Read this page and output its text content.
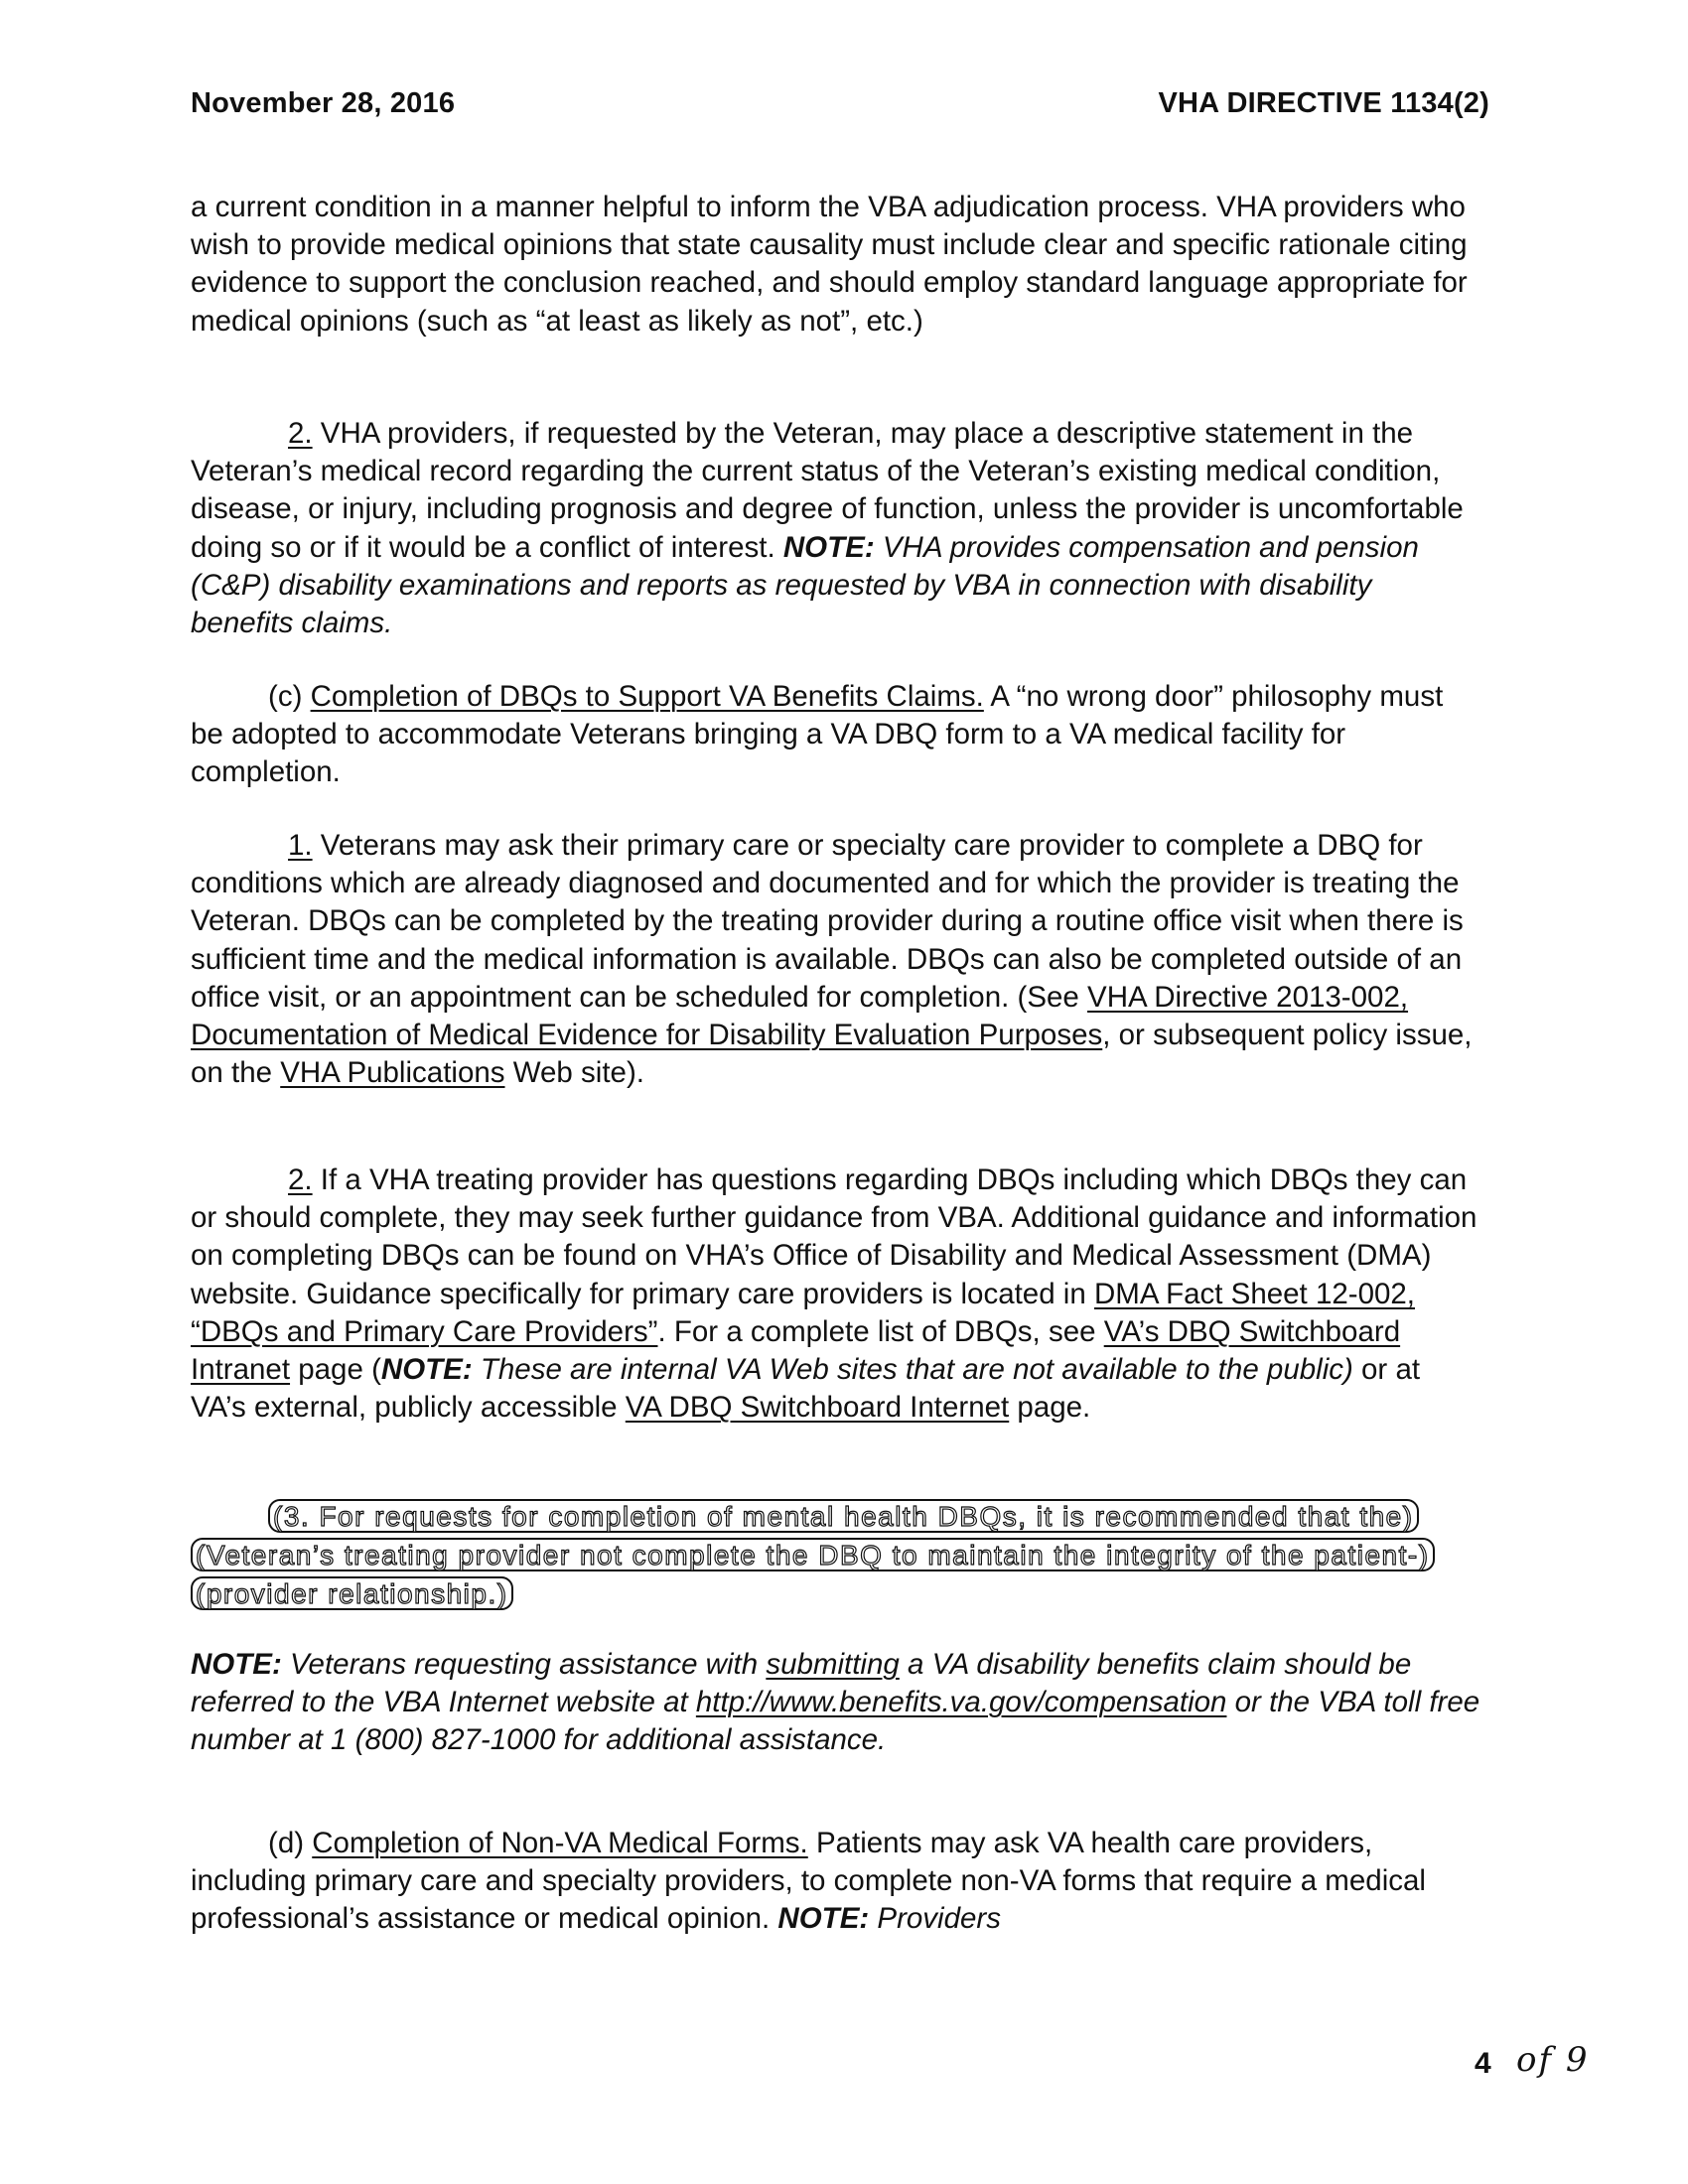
November 28, 2016	VHA DIRECTIVE 1134(2)

a current condition in a manner helpful to inform the VBA adjudication process. VHA providers who wish to provide medical opinions that state causality must include clear and specific rationale citing evidence to support the conclusion reached, and should employ standard language appropriate for medical opinions (such as “at least as likely as not”, etc.)

2. VHA providers, if requested by the Veteran, may place a descriptive statement in the Veteran’s medical record regarding the current status of the Veteran’s existing medical condition, disease, or injury, including prognosis and degree of function, unless the provider is uncomfortable doing so or if it would be a conflict of interest. NOTE: VHA provides compensation and pension (C&P) disability examinations and reports as requested by VBA in connection with disability benefits claims.

(c) Completion of DBQs to Support VA Benefits Claims. A “no wrong door” philosophy must be adopted to accommodate Veterans bringing a VA DBQ form to a VA medical facility for completion.

1. Veterans may ask their primary care or specialty care provider to complete a DBQ for conditions which are already diagnosed and documented and for which the provider is treating the Veteran. DBQs can be completed by the treating provider during a routine office visit when there is sufficient time and the medical information is available. DBQs can also be completed outside of an office visit, or an appointment can be scheduled for completion. (See VHA Directive 2013-002, Documentation of Medical Evidence for Disability Evaluation Purposes, or subsequent policy issue, on the VHA Publications Web site).

2. If a VHA treating provider has questions regarding DBQs including which DBQs they can or should complete, they may seek further guidance from VBA. Additional guidance and information on completing DBQs can be found on VHA’s Office of Disability and Medical Assessment (DMA) website. Guidance specifically for primary care providers is located in DMA Fact Sheet 12-002, “DBQs and Primary Care Providers”. For a complete list of DBQs, see VA’s DBQ Switchboard Intranet page (NOTE: These are internal VA Web sites that are not available to the public) or at VA’s external, publicly accessible VA DBQ Switchboard Internet page.

(3. For requests for completion of mental health DBQs, it is recommended that the)
(Veteran’s treating provider not complete the DBQ to maintain the integrity of the patient-)
(provider relationship.)

NOTE: Veterans requesting assistance with submitting a VA disability benefits claim should be referred to the VBA Internet website at http://www.benefits.va.gov/compensation or the VBA toll free number at 1 (800) 827-1000 for additional assistance.

(d) Completion of Non-VA Medical Forms. Patients may ask VA health care providers, including primary care and specialty providers, to complete non-VA forms that require a medical professional’s assistance or medical opinion. NOTE: Providers

4 of 9
